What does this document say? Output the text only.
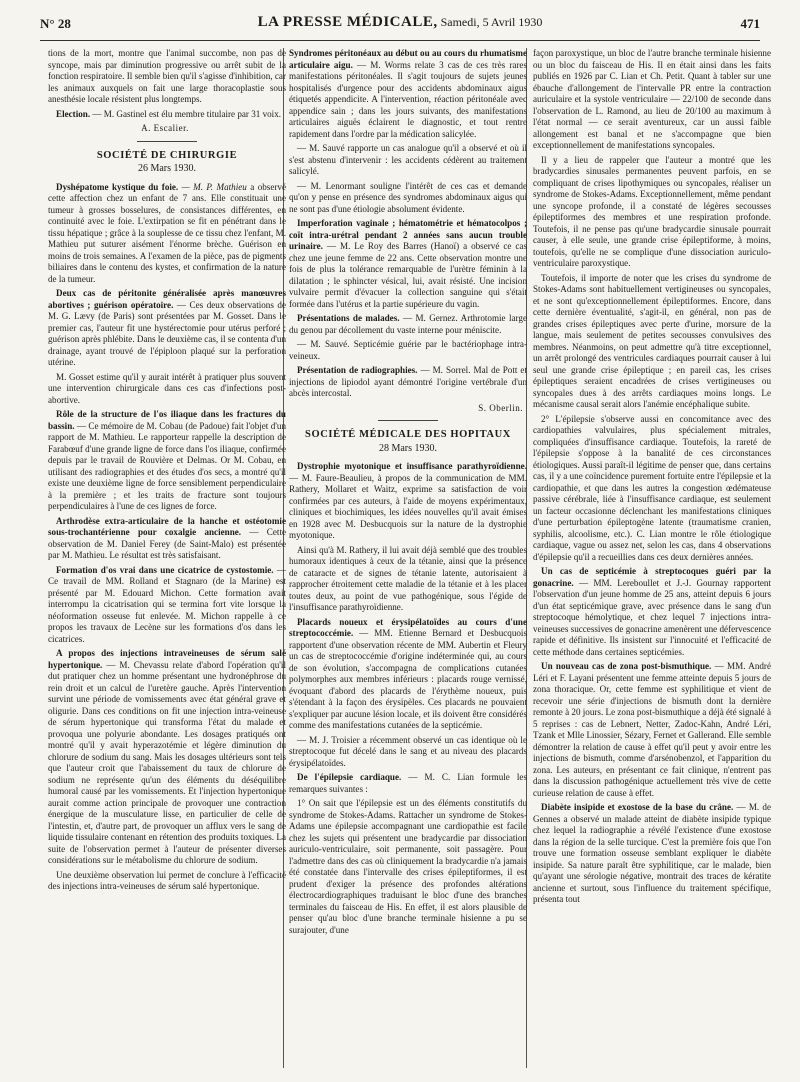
N° 28	LA PRESSE MÉDICALE, Samedi, 5 Avril 1930	471

tions de la mort, montre que l'animal succombe, non pas de syncope, mais par diminution progressive ou arrêt subit de la fonction respiratoire. Il semble bien qu'il s'agisse d'inhibition, car les animaux auxquels on fait une large thoracoplastie sous anesthésie locale résistent plus longtemps.

Election. — M. Gastinel est élu membre titulaire par 31 voix.

A. Escalier.
SOCIÉTÉ DE CHIRURGIE
26 Mars 1930.

Dyshépatome kystique du foie. — M. P. Mathieu a observé cette affection chez un enfant de 7 ans. Elle constituait une tumeur à grosses bosselures, de consistances différentes, en continuité avec le foie. L'extirpation se fit en pénétrant dans le tissu hépatique ; grâce à la souplesse de ce tissu chez l'enfant, M. Mathieu put suturer aisément l'énorme brèche. Guérison en moins de trois semaines. A l'examen de la pièce, pas de pigments biliaires dans le contenu des kystes, et confirmation de la nature de la tumeur.

Deux cas de péritonite généralisée après manœuvres abortives ; guérison opératoire. — Ces deux observations de M. G. Lævy (de Paris) sont présentées par M. Gosset. Dans le premier cas, l'auteur fit une hystérectomie pour utérus perforé ; guérison après phlébite. Dans le deuxième cas, il se contenta d'un drainage, ayant trouvé de l'épiploon plaqué sur la perforation utérine.

M. Gosset estime qu'il y aurait intérêt à pratiquer plus souvent une intervention chirurgicale dans ces cas d'infections post-abortive.

Rôle de la structure de l'os iliaque dans les fractures du bassin. — Ce mémoire de M. Cobau (de Padoue) fait l'objet d'un rapport de M. Mathieu. Le rapporteur rappelle la description de Farabœuf d'une grande ligne de force dans l'os iliaque, confirmée depuis par le travail de Rouvière et Delmas. Or M. Cobau, en utilisant des radiographies et des études d'os secs, a montré qu'il existe une deuxième ligne de force sensiblement perpendiculaire à la première ; et les traits de fracture sont toujours perpendiculaires à l'une de ces lignes de force.

Arthrodèse extra-articulaire de la hanche et ostéotomie sous-trochantérienne pour coxalgie ancienne. — Cette observation de M. Daniel Ferey (de Saint-Malo) est présentée par M. Mathieu. Le résultat est très satisfaisant.

Formation d'os vrai dans une cicatrice de cystostomie. — Ce travail de MM. Rolland et Stagnaro (de la Marine) est présenté par M. Edouard Michon. Cette formation avait interrompu la cicatrisation qui se termina fort vite lorsque la néoformation osseuse fut enlevée. M. Michon rappelle à ce propos les travaux de Lecène sur les formations d'os dans les cicatrices.

A propos des injections intraveineuses de sérum salé hypertonique. — M. Chevassu relate d'abord l'opération qu'il dut pratiquer chez un homme présentant une hydronéphrose du rein droit et un calcul de l'uretère gauche. Après l'intervention survint une période de vomissements avec état général grave et oligurie. Dans ces conditions on fit une injection intra-veineuse de sérum hypertonique qui transforma l'état du malade et provoqua une polyurie abondante. Les dosages pratiqués ont montré qu'il y avait hyperazotémie et légère diminution du chlorure de sodium du sang. Mais les dosages ultérieurs sont tels que l'auteur croit que l'abaissement du taux de chlorure de sodium ne représente qu'un des éléments du déséquilibre humoral causé par les vomissements. Et l'injection hypertonique aurait comme action principale de provoquer une contraction énergique de la musculature lisse, en particulier de celle de l'intestin, et, d'autre part, de provoquer un afflux vers le sang de liquide tissulaire contenant en rétention des produits toxiques. La suite de l'observation permet à l'auteur de présenter diverses considérations sur le métabolisme du chlorure de sodium.

Une deuxième observation lui permet de conclure à l'efficacité des injections intra-veineuses de sérum salé hypertonique.

Syndromes péritonéaux au début ou au cours du rhumatisme articulaire aigu. — M. Worms relate 3 cas de ces très rares manifestations péritonéales. Il s'agit toujours de sujets jeunes hospitalisés d'urgence pour des accidents abdominaux aigus étiquetés appendicite. A l'intervention, réaction péritonéale avec appendice sain ; dans les jours suivants, des manifestations articulaires aiguës éclairent le diagnostic, et tout rentre rapidement dans l'ordre par la médication salicylée.

— M. Sauvé rapporte un cas analogue qu'il a observé et où il s'est abstenu d'intervenir : les accidents cédèrent au traitement salicylé.

— M. Lenormant souligne l'intérêt de ces cas et demande qu'on y pense en présence des syndromes abdominaux aigus qui ne sont pas d'une étiologie absolument évidente.

Imperforation vaginale ; hématométrie et hématocolpos ; coït intra-urétral pendant 2 années sans aucun trouble urinaire. — M. Le Roy des Barres (Hanoï) a observé ce cas chez une jeune femme de 22 ans. Cette observation montre une fois de plus la tolérance remarquable de l'urètre féminin à la dilatation ; le sphincter vésical, lui, avait résisté. Une incision vulvaire permit d'évacuer la collection sanguine qui s'était formée dans l'utérus et la partie supérieure du vagin.

Présentations de malades. — M. Gernez. Arthrotomie large du genou par décollement du vaste interne pour méniscite.

— M. Sauvé. Septicémie guérie par le bactériophage intra-veineux.

Présentation de radiographies. — M. Sorrel. Mal de Pott et injections de lipiodol ayant démontré l'origine vertébrale d'un abcès intercostal.

S. Oberlin.
SOCIÉTÉ MÉDICALE DES HOPITAUX
28 Mars 1930.

Dystrophie myotonique et insuffisance parathyroïdienne. — M. Faure-Beaulieu, à propos de la communication de MM. Rathery, Mollaret et Waitz, exprime sa satisfaction de voir confirmées par ces auteurs, à l'aide de moyens expérimentaux, cliniques et biochimiques, les idées nouvelles qu'il avait émises en 1928 avec M. Desbucquois sur la nature de la dystrophie myotonique.

Ainsi qu'à M. Rathery, il lui avait déjà semblé que des troubles humoraux identiques à ceux de la tétanie, ainsi que la présence de cataracte et de signes de tétanie latente, autorisaient à rapprocher étroitement cette maladie de la tétanie et à les placer toutes deux, au point de vue pathogénique, sous l'égide de l'insuffisance parathyroïdienne.

Placards noueux et érysipélatoïdes au cours d'une streptococcémie. — MM. Etienne Bernard et Desbucquois rapportent d'une observation récente de MM. Aubertin et Fleury un cas de streptococcémie d'origine indéterminée qui, au cours de son évolution, s'accompagna de complications cutanées polymorphes aux membres inférieurs : placards rouge vernissé, évoquant d'abord des placards de l'érythème noueux, puis s'étendant à la façon des érysipèles. Ces placards ne pouvaient s'expliquer par aucune lésion locale, et ils doivent être considérés comme des manifestations cutanées de la septicémie.

— M. J. Troisier a récemment observé un cas identique où le streptocoque fut décelé dans le sang et au niveau des placards érysipélatoïdes.

De l'épilepsie cardiaque. — M. C. Lian formule les remarques suivantes :

1° On sait que l'épilepsie est un des éléments constitutifs du syndrome de Stokes-Adams. Rattacher un syndrome de Stokes-Adams une épilepsie accompagnant une cardiopathie est facile chez les sujets qui présentent une bradycardie par dissociation auriculo-ventriculaire, soit permanente, soit passagère. Pour l'admettre dans des cas où cliniquement la bradycardie n'a jamais été constatée dans l'intervalle des crises épileptiformes, il est prudent d'exiger la présence des profondes altérations électrocardiographiques traduisant le bloc d'une des branches terminales du faisceau de His. En effet, il est alors plausible de penser qu'au bloc d'une branche terminale hisienne a pu se surajouter, d'une

façon paroxystique, un bloc de l'autre branche terminale hisienne ou un bloc du faisceau de His. Il en était ainsi dans les faits publiés en 1926 par C. Lian et Ch. Petit. Quant à tabler sur une ébauche d'allongement de l'intervalle PR entre la contraction auriculaire et la systole ventriculaire — 22/100 de seconde dans l'observation de L. Ramond, au lieu de 20/100 au maximum à l'état normal — ce serait aventureux, car un aussi faible allongement est banal et ne s'accompagne que bien exceptionnellement de manifestations syncopales.

Il y a lieu de rappeler que l'auteur a montré que les bradycardies sinusales permanentes peuvent parfois, en se compliquant de crises lipothymiques ou syncopales, réaliser un syndrome de Stokes-Adams. Exceptionnellement, même pendant une syncope profonde, il a constaté de légères secousses épileptiformes des membres et une respiration profonde. Toutefois, il ne pense pas qu'une bradycardie sinusale pourrait causer, à elle seule, une grande crise épileptiforme, à moins, toutefois, qu'elle ne se complique d'une dissociation auriculo-ventriculaire paroxystique.

Toutefois, il importe de noter que les crises du syndrome de Stokes-Adams sont habituellement vertigineuses ou syncopales, et ne sont qu'exceptionnellement épileptiformes. Encore, dans cette dernière éventualité, s'agit-il, en général, non pas de grandes crises épileptiques avec perte d'urine, morsure de la langue, mais seulement de petites secousses convulsives des membres. Néanmoins, on peut admettre qu'à titre exceptionnel, un arrêt prolongé des ventricules cardiaques pourrait causer à lui seul une grande crise épileptique ; en pareil cas, les crises épileptiques seraient encadrées de crises vertigineuses ou syncopales dues à des arrêts cardiaques moins longs. Le mécanisme causal serait alors l'anémie encéphalique subite.

2° L'épilepsie s'observe aussi en concomitance avec des cardiopathies valvulaires, plus spécialement mitrales, compliquées d'insuffisance cardiaque. Toutefois, la rareté de l'épilepsie s'oppose à la banalité de ces circonstances étiologiques. Aussi paraît-il légitime de penser que, dans certains cas, il y a une coïncidence purement fortuite entre l'épilepsie et la cardiopathie, et que dans les autres la congestion œdémateuse passive cérébrale, liée à l'insuffisance cardiaque, est seulement un facteur occasionne déclenchant les manifestations cliniques d'une perturbation épileptogène latente (traumatisme cranien, syphilis, alcoolisme, etc.). C. Lian montre le rôle étiologique cardiaque, vague ou assez net, selon les cas, dans 4 observations d'épilepsie qu'il a recueillies dans ces deux dernières années.

Un cas de septicémie à streptocoques guéri par la gonacrine. — MM. Lereboullet et J.-J. Gournay rapportent l'observation d'un jeune homme de 25 ans, atteint depuis 6 jours d'un état septicémique grave, avec présence dans le sang d'un streptocoque hémolytique, et chez lequel 7 injections intra-veineuses successives de gonacrine amenèrent une défervescence rapide et définitive. Ils insistent sur l'innocuité et l'efficacité de cette méthode dans certaines septicémies.

Un nouveau cas de zona post-bismuthique. — MM. André Léri et F. Layani présentent une femme atteinte depuis 5 jours de zona thoracique. Or, cette femme est syphilitique et vient de recevoir une série d'injections de bismuth dont la dernière remonte à 20 jours. Le zona post-bismuthique a déjà été signalé à 5 reprises : cas de Lebnert, Netter, Zadoc-Kahn, André Léri, Tzank et Mlle Linossier, Sézary, Fernet et Gallerand. Elle semble démontrer la relation de cause à effet qu'il peut y avoir entre les injections de bismuth, comme d'arsénobenzol, et l'apparition du zona. Les auteurs, en présentant ce fait clinique, n'entrent pas dans la discussion pathogénique actuellement très vive de cette curieuse relation de cause à effet.

Diabète insipide et exostose de la base du crâne. — M. de Gennes a observé un malade atteint de diabète insipide typique chez lequel la radiographie a révélé l'existence d'une exostose dans la région de la selle turcique. C'est la première fois que l'on trouve une formation osseuse semblant expliquer le diabète insipide. Sa nature paraît être syphilitique, car le malade, bien qu'ayant une sérologie négative, montrait des traces de kératite ancienne et surtout, sous l'influence du traitement spécifique, présenta tout
